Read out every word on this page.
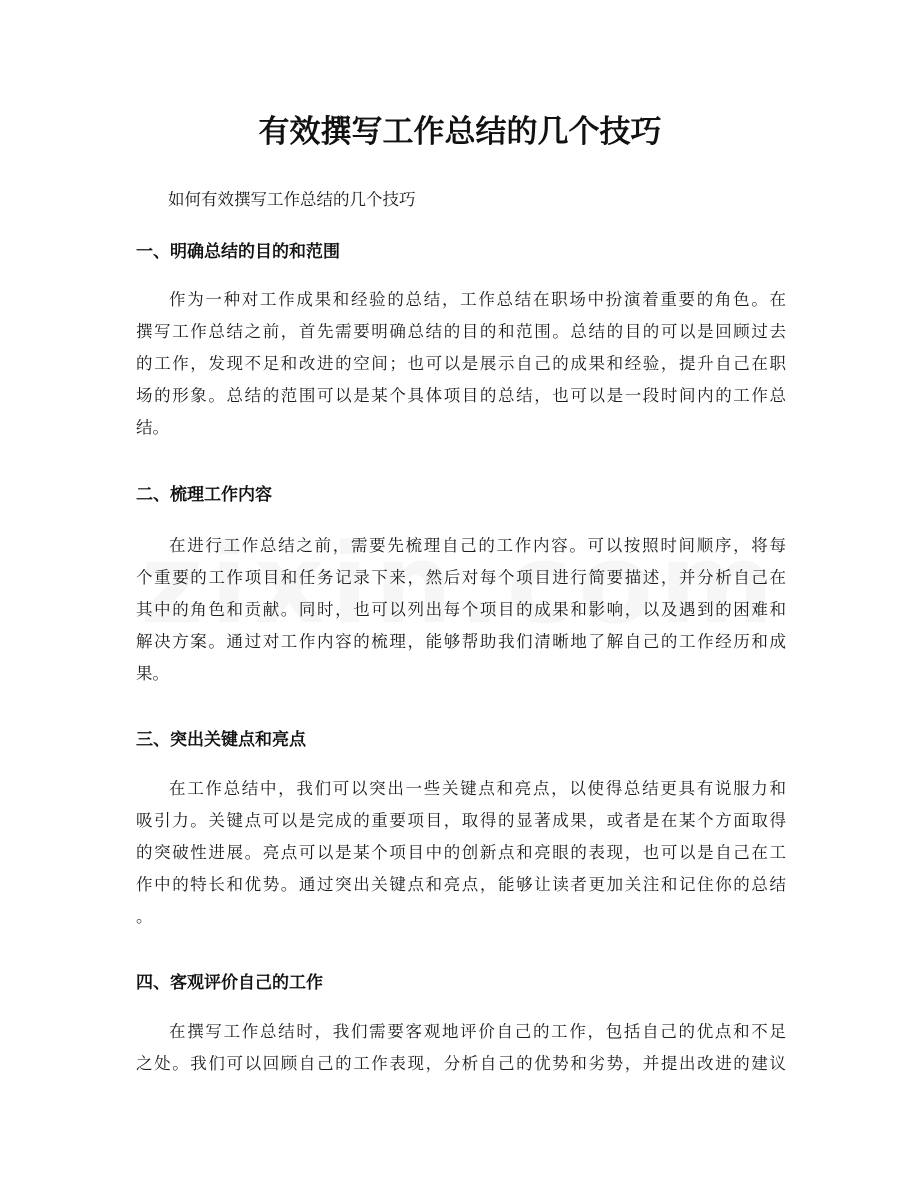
有效撰写工作总结的几个技巧

如何有效撰写工作总结的几个技巧

一、明确总结的目的和范围
作为一种对工作成果和经验的总结，工作总结在职场中扮演着重要的角色。在
撰写工作总结之前，首先需要明确总结的目的和范围。总结的目的可以是回顾过去
的工作，发现不足和改进的空间；也可以是展示自己的成果和经验，提升自己在职
场的形象。总结的范围可以是某个具体项目的总结，也可以是一段时间内的工作总
结。
二、梳理工作内容
在进行工作总结之前，需要先梳理自己的工作内容。可以按照时间顺序，将每
个重要的工作项目和任务记录下来，然后对每个项目进行简要描述，并分析自己在
其中的角色和贡献。同时，也可以列出每个项目的成果和影响，以及遇到的困难和
解决方案。通过对工作内容的梳理，能够帮助我们清晰地了解自己的工作经历和成
果。
三、突出关键点和亮点
在工作总结中，我们可以突出一些关键点和亮点，以使得总结更具有说服力和
吸引力。关键点可以是完成的重要项目，取得的显著成果，或者是在某个方面取得
的突破性进展。亮点可以是某个项目中的创新点和亮眼的表现，也可以是自己在工
作中的特长和优势。通过突出关键点和亮点，能够让读者更加关注和记住你的总结
。
四、客观评价自己的工作
在撰写工作总结时，我们需要客观地评价自己的工作，包括自己的优点和不足
之处。我们可以回顾自己的工作表现，分析自己的优势和劣势，并提出改进的建议
